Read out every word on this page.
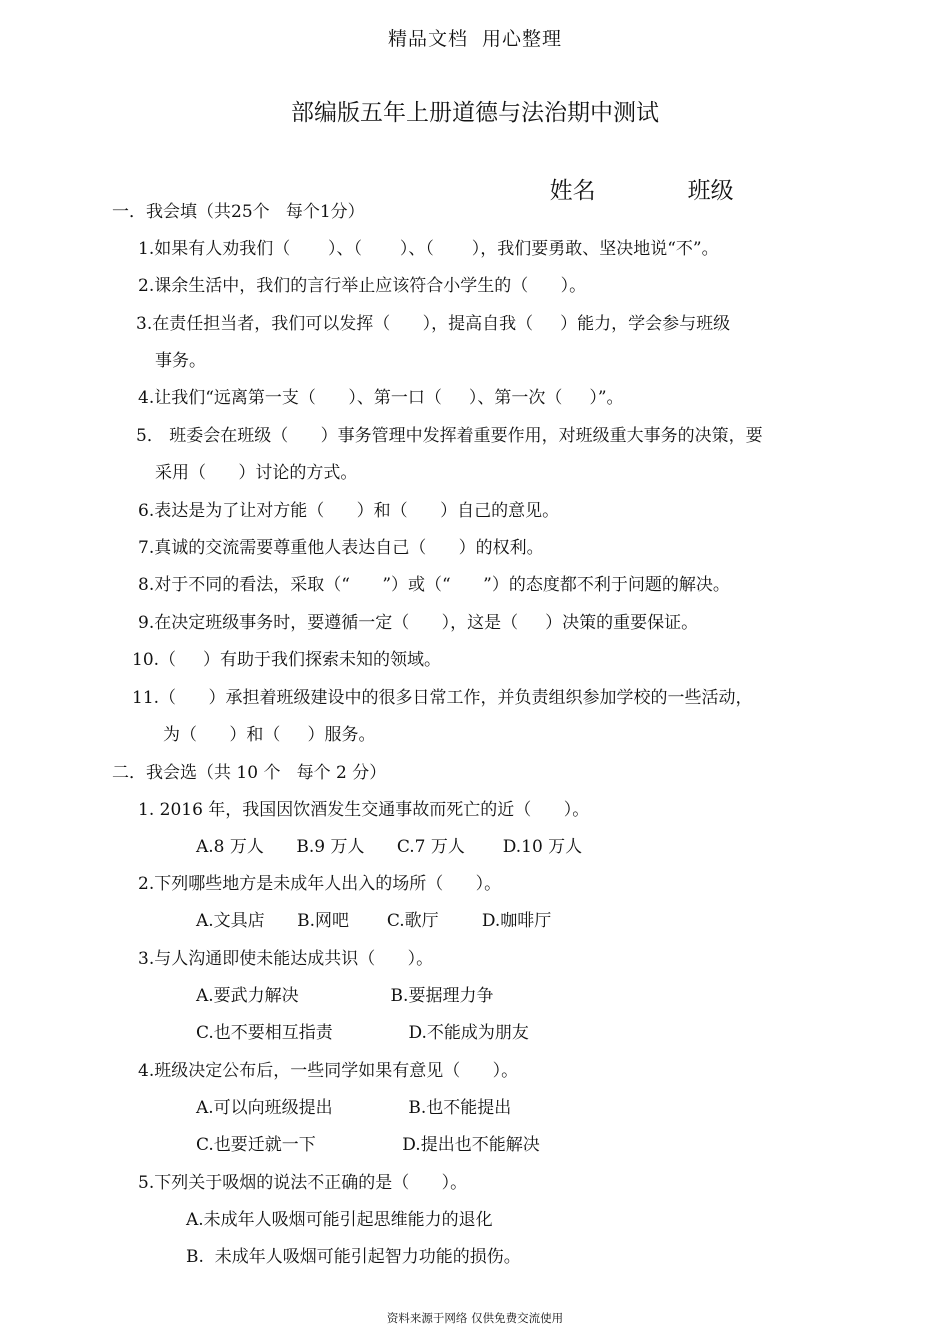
精品文档  用心整理
部编版五年上册道德与法治期中测试

姓名	班级

一．我会填（共25个   每个1分）
1.如果有人劝我们（       ）、（       ）、（       ），我们要勇敢、坚决地说“不”。
2.课余生活中，我们的言行举止应该符合小学生的（      ）。
3.在责任担当者，我们可以发挥（      ），提高自我（     ）能力，学会参与班级
事务。
4.让我们“远离第一支（      ）、第一口（     ）、第一次（     ）”。
5． 班委会在班级（      ）事务管理中发挥着重要作用，对班级重大事务的决策，要
采用（      ）讨论的方式。
6.表达是为了让对方能（      ）和（      ）自己的意见。
7.真诚的交流需要尊重他人表达自己（      ）的权利。
8.对于不同的看法，采取（“      ”）或（“      ”）的态度都不利于问题的解决。
9.在决定班级事务时，要遵循一定（      ），这是（     ）决策的重要保证。
10.（     ）有助于我们探索未知的领域。
11.（      ）承担着班级建设中的很多日常工作，并负责组织参加学校的一些活动，
为（      ）和（     ）服务。
二．我会选（共 10 个   每个 2 分）
1. 2016 年，我国因饮酒发生交通事故而死亡的近（      ）。
A.8 万人      B.9 万人      C.7 万人       D.10 万人
2.下列哪些地方是未成年人出入的场所（      ）。
A.文具店      B.网吧       C.歌厅        D.咖啡厅
3.与人沟通即使未能达成共识（      ）。
A.要武力解决                 B.要据理力争
C.也不要相互指责              D.不能成为朋友
4.班级决定公布后，一些同学如果有意见（      ）。
A.可以向班级提出              B.也不能提出
C.也要迁就一下                D.提出也不能解决
5.下列关于吸烟的说法不正确的是（      ）。
A.未成年人吸烟可能引起思维能力的退化
B.  未成年人吸烟可能引起智力功能的损伤。
资料来源于网络 仅供免费交流使用
